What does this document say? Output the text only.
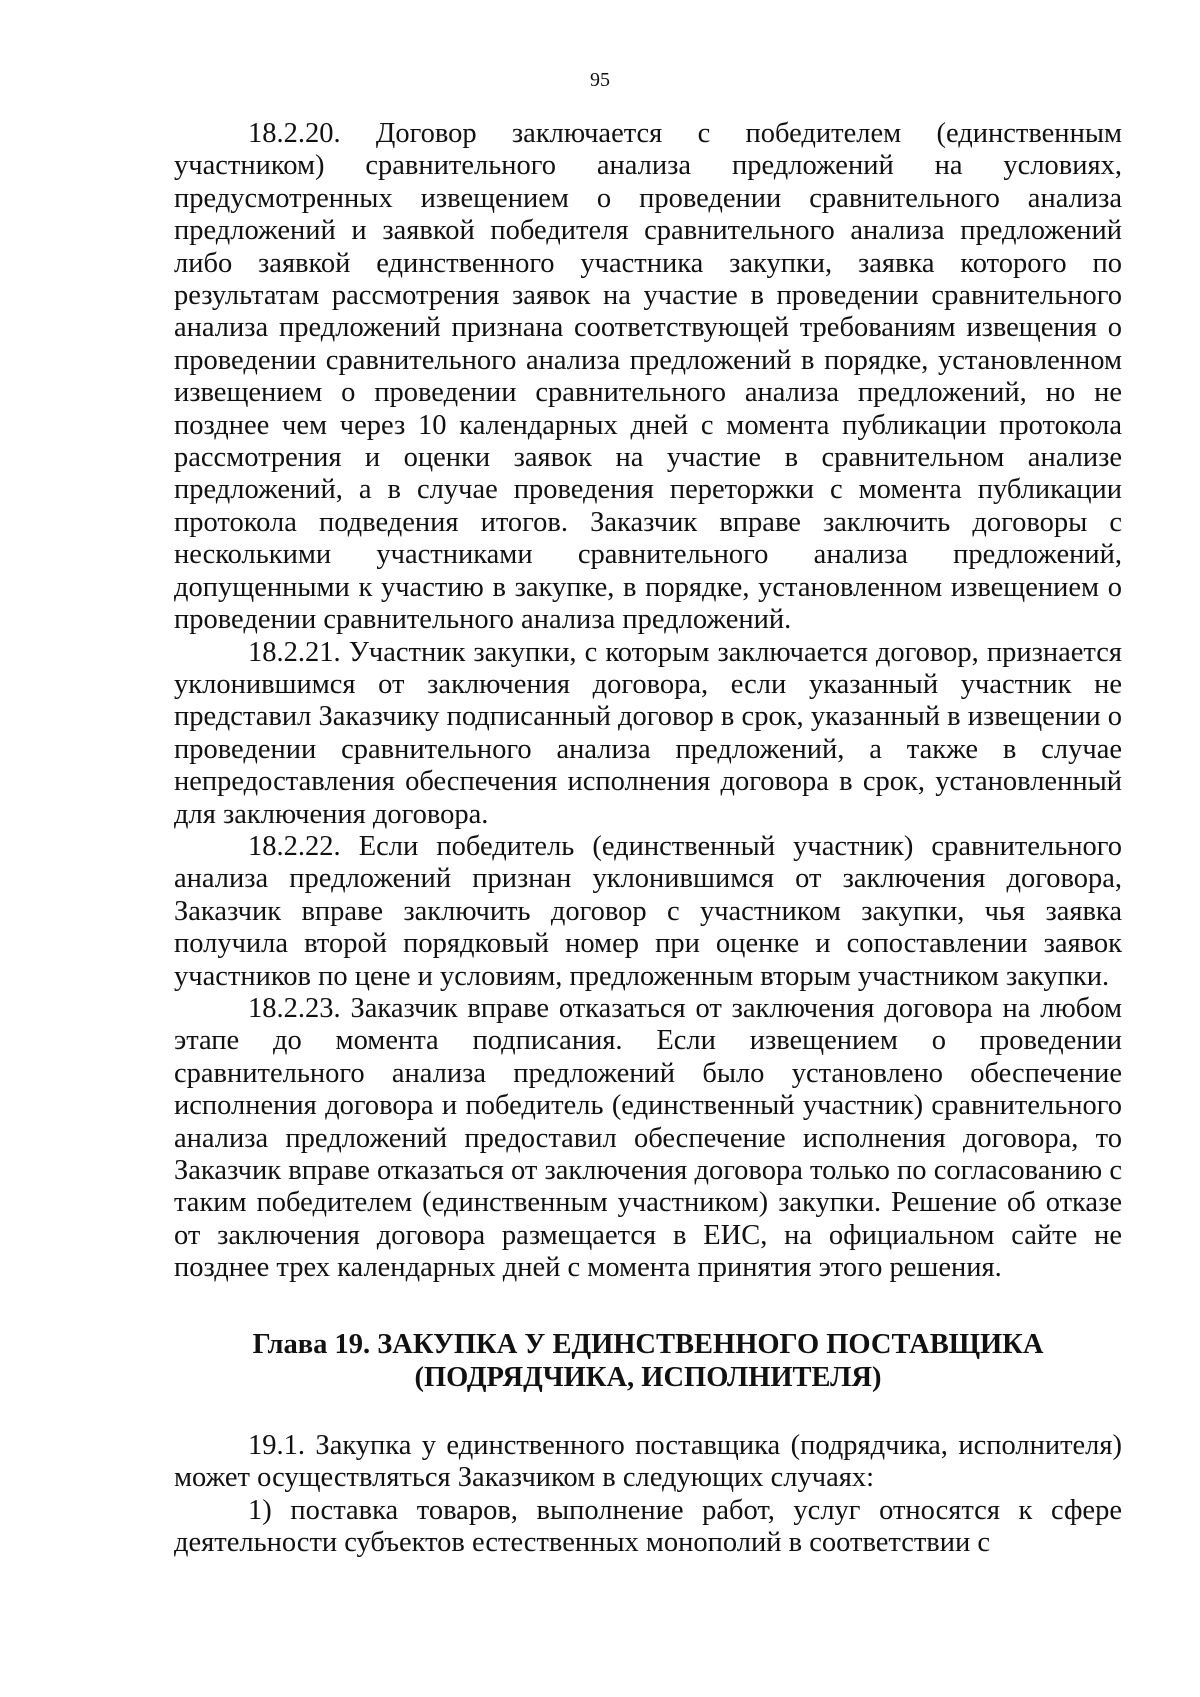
95

18.2.20. Договор заключается с победителем (единственным участником) сравнительного анализа предложений на условиях, предусмотренных извещением о проведении сравнительного анализа предложений и заявкой победителя сравнительного анализа предложений либо заявкой единственного участника закупки, заявка которого по результатам рассмотрения заявок на участие в проведении сравнительного анализа предложений признана соответствующей требованиям извещения о проведении сравнительного анализа предложений в порядке, установленном извещением о проведении сравнительного анализа предложений, но не позднее чем через 10 календарных дней с момента публикации протокола рассмотрения и оценки заявок на участие в сравнительном анализе предложений, а в случае проведения переторжки с момента публикации протокола подведения итогов. Заказчик вправе заключить договоры с несколькими участниками сравнительного анализа предложений, допущенными к участию в закупке, в порядке, установленном извещением о проведении сравнительного анализа предложений.

18.2.21. Участник закупки, с которым заключается договор, признается уклонившимся от заключения договора, если указанный участник не представил Заказчику подписанный договор в срок, указанный в извещении о проведении сравнительного анализа предложений, а также в случае непредоставления обеспечения исполнения договора в срок, установленный для заключения договора.

18.2.22. Если победитель (единственный участник) сравнительного анализа предложений признан уклонившимся от заключения договора, Заказчик вправе заключить договор с участником закупки, чья заявка получила второй порядковый номер при оценке и сопоставлении заявок участников по цене и условиям, предложенным вторым участником закупки.

18.2.23. Заказчик вправе отказаться от заключения договора на любом этапе до момента подписания. Если извещением о проведении сравнительного анализа предложений было установлено обеспечение исполнения договора и победитель (единственный участник) сравнительного анализа предложений предоставил обеспечение исполнения договора, то Заказчик вправе отказаться от заключения договора только по согласованию с таким победителем (единственным участником) закупки. Решение об отказе от заключения договора размещается в ЕИС, на официальном сайте не позднее трех календарных дней с момента принятия этого решения.

Глава 19. ЗАКУПКА У ЕДИНСТВЕННОГО ПОСТАВЩИКА
(ПОДРЯДЧИКА, ИСПОЛНИТЕЛЯ)

19.1. Закупка у единственного поставщика (подрядчика, исполнителя) может осуществляться Заказчиком в следующих случаях:

1) поставка товаров, выполнение работ, услуг относятся к сфере деятельности субъектов естественных монополий в соответствии с
